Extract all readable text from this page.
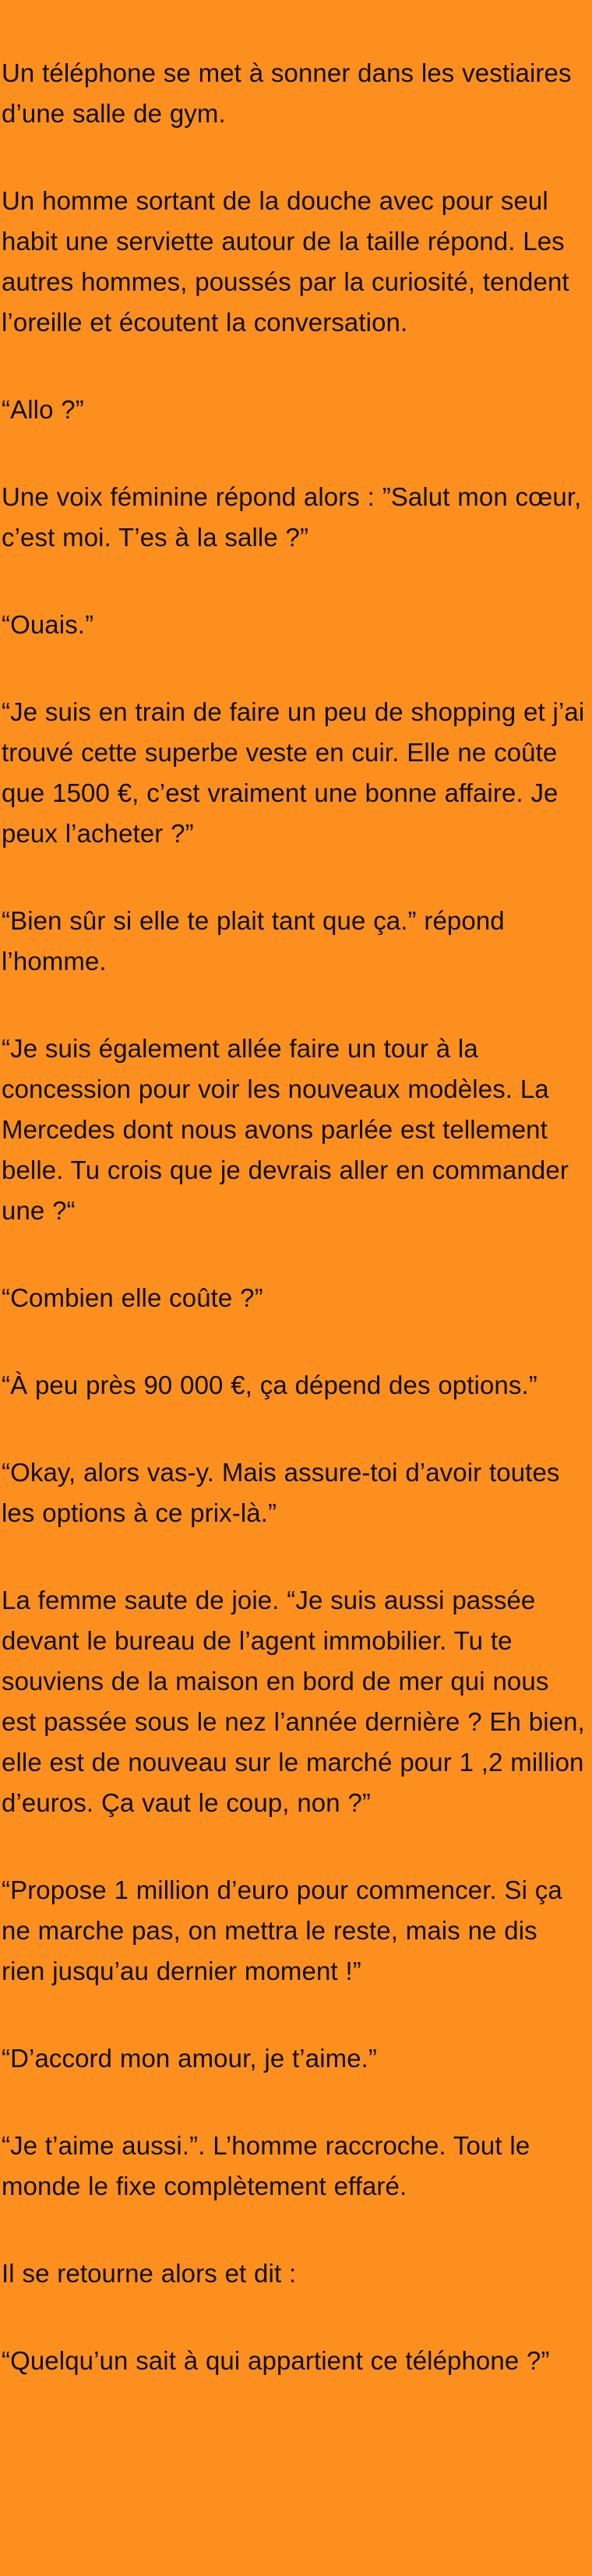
Un téléphone se met à sonner dans les vestiaires d’une salle de gym.

Un homme sortant de la douche avec pour seul habit une serviette autour de la taille répond. Les autres hommes, poussés par la curiosité, tendent l’oreille et écoutent la conversation.

“Allo ?”

Une voix féminine répond alors : ”Salut mon cœur, c’est moi. T’es à la salle ?”

“Ouais.”

“Je suis en train de faire un peu de shopping et j’ai trouvé cette superbe veste en cuir. Elle ne coûte que 1500 €, c’est vraiment une bonne affaire. Je peux l’acheter ?”

“Bien sûr si elle te plait tant que ça.” répond l’homme.

“Je suis également allée faire un tour à la concession pour voir les nouveaux modèles. La Mercedes dont nous avons parlée est tellement belle. Tu crois que je devrais aller en commander une ?“

“Combien elle coûte ?”

“À peu près 90 000 €, ça dépend des options.”

“Okay, alors vas-y. Mais assure-toi d’avoir toutes les options à ce prix-là.”

La femme saute de joie. “Je suis aussi passée devant le bureau de l’agent immobilier. Tu te souviens de la maison en bord de mer qui nous est passée sous le nez l’année dernière ? Eh bien, elle est de nouveau sur le marché pour 1 ,2 million d’euros. Ça vaut le coup, non ?”

“Propose 1 million d’euro pour commencer. Si ça ne marche pas, on mettra le reste, mais ne dis rien jusqu’au dernier moment !”

“D’accord mon amour, je t’aime.”

“Je t’aime aussi.”. L’homme raccroche. Tout le monde le fixe complètement effaré.

Il se retourne alors et dit :

“Quelqu’un sait à qui appartient ce téléphone ?”
